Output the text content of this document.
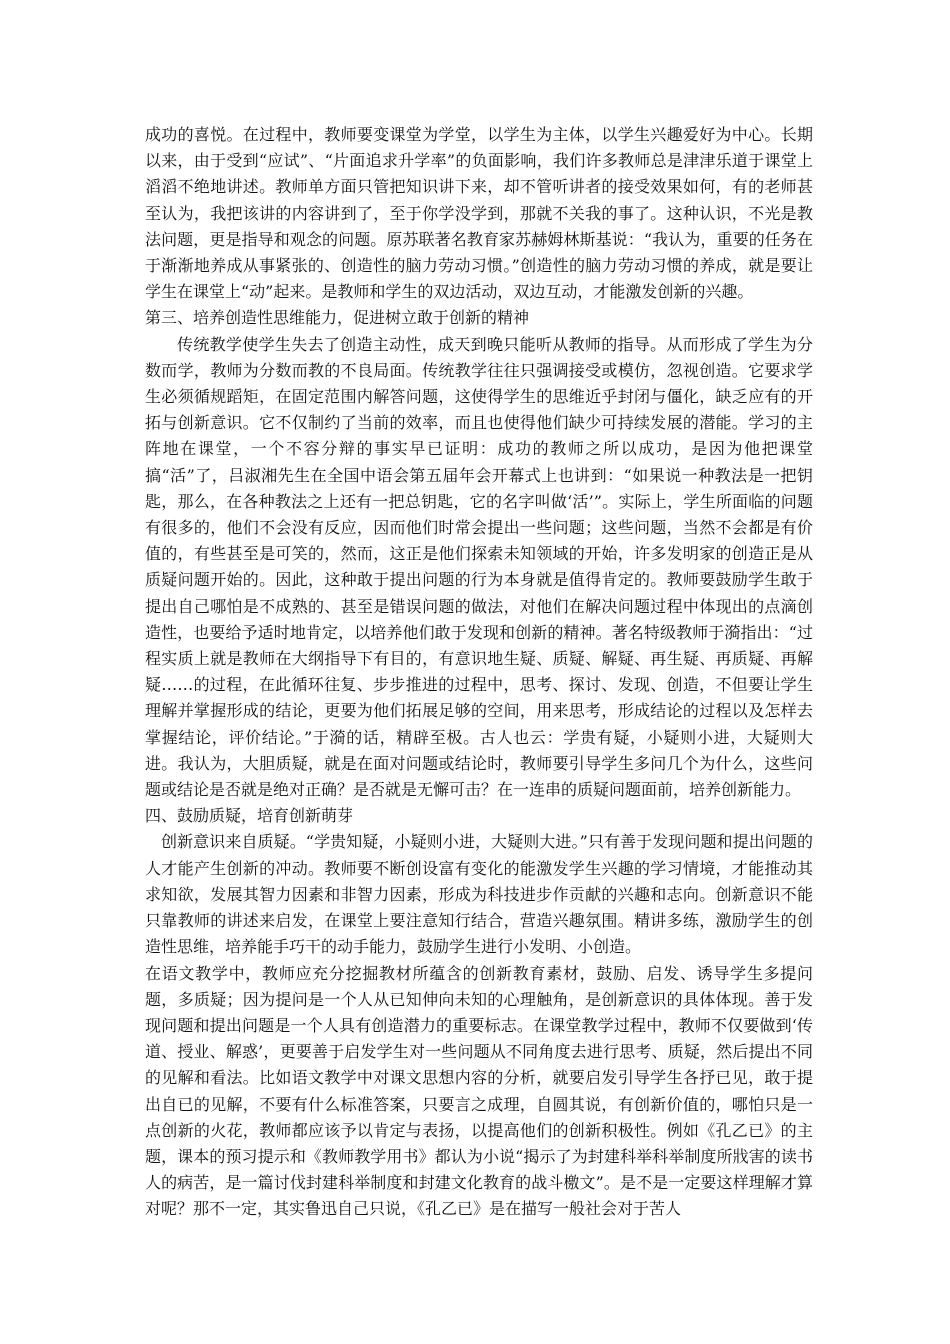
成功的喜悦。在过程中，教师要变课堂为学堂，以学生为主体，以学生兴趣爱好为中心。长期以来，由于受到“应试”、“片面追求升学率”的负面影响，我们许多教师总是津津乐道于课堂上滔滔不绝地讲述。教师单方面只管把知识讲下来，却不管听讲者的接受效果如何，有的老师甚至认为，我把该讲的内容讲到了，至于你学没学到，那就不关我的事了。这种认识，不光是教法问题，更是指导和观念的问题。原苏联著名教育家苏赫姆林斯基说：“我认为，重要的任务在于渐渐地养成从事紧张的、创造性的脑力劳动习惯。”创造性的脑力劳动习惯的养成，就是要让学生在课堂上“动”起来。是教师和学生的双边活动，双边互动，才能激发创新的兴趣。

第三、培养创造性思维能力，促进树立敢于创新的精神

传统教学使学生失去了创造主动性，成天到晚只能听从教师的指导。从而形成了学生为分数而学，教师为分数而教的不良局面。传统教学往往只强调接受或模仿，忽视创造。它要求学生必须循规蹈矩，在固定范围内解答问题，这使得学生的思维近乎封闭与僵化，缺乏应有的开拓与创新意识。它不仅制约了当前的效率，而且也使得他们缺少可持续发展的潜能。学习的主阵地在课堂，一个不容分辩的事实早已证明：成功的教师之所以成功，是因为他把课堂搞“活”了，吕淑湘先生在全国中语会第五届年会开幕式上也讲到：“如果说一种教法是一把钥匙，那么，在各种教法之上还有一把总钥匙，它的名字叫做‘活’”。实际上，学生所面临的问题有很多的，他们不会没有反应，因而他们时常会提出一些问题；这些问题，当然不会都是有价值的，有些甚至是可笑的，然而，这正是他们探索未知领域的开始，许多发明家的创造正是从质疑问题开始的。因此，这种敢于提出问题的行为本身就是值得肯定的。教师要鼓励学生敢于提出自己哪怕是不成熟的、甚至是错误问题的做法，对他们在解决问题过程中体现出的点滴创造性，也要给予适时地肯定，以培养他们敢于发现和创新的精神。著名特级教师于漪指出：“过程实质上就是教师在大纲指导下有目的，有意识地生疑、质疑、解疑、再生疑、再质疑、再解疑……的过程，在此循环往复、步步推进的过程中，思考、探讨、发现、创造，不但要让学生理解并掌握形成的结论，更要为他们拓展足够的空间，用来思考，形成结论的过程以及怎样去掌握结论，评价结论。”于漪的话，精辟至极。古人也云：学贵有疑，小疑则小进，大疑则大进。我认为，大胆质疑，就是在面对问题或结论时，教师要引导学生多问几个为什么，这些问题或结论是否就是绝对正确？是否就是无懈可击？在一连串的质疑问题面前，培养创新能力。

四、鼓励质疑，培育创新萌芽

创新意识来自质疑。“学贵知疑，小疑则小进，大疑则大进。”只有善于发现问题和提出问题的人才能产生创新的冲动。教师要不断创设富有变化的能激发学生兴趣的学习情境，才能推动其求知欲，发展其智力因素和非智力因素，形成为科技进步作贡献的兴趣和志向。创新意识不能只靠教师的讲述来启发，在课堂上要注意知行结合，营造兴趣氛围。精讲多练，激励学生的创造性思维，培养能手巧干的动手能力，鼓励学生进行小发明、小创造。

在语文教学中，教师应充分挖掘教材所蕴含的创新教育素材，鼓励、启发、诱导学生多提问题，多质疑；因为提问是一个人从已知伸向未知的心理触角，是创新意识的具体体现。善于发现问题和提出问题是一个人具有创造潜力的重要标志。在课堂教学过程中，教师不仅要做到‘传道、授业、解惑’，更要善于启发学生对一些问题从不同角度去进行思考、质疑，然后提出不同的见解和看法。比如语文教学中对课文思想内容的分析，就要启发引导学生各抒已见，敢于提出自已的见解，不要有什么标准答案，只要言之成理，自圆其说，有创新价值的，哪怕只是一点创新的火花，教师都应该予以肯定与表扬，以提高他们的创新积极性。例如《孔乙已》的主题，课本的预习提示和《教师教学用书》都认为小说“揭示了为封建科举科举制度所戕害的读书人的病苦，是一篇讨伐封建科举制度和封建文化教育的战斗檄文”。是不是一定要这样理解才算对呢？那不一定，其实鲁迅自己只说，《孔乙已》是在描写一般社会对于苦人
